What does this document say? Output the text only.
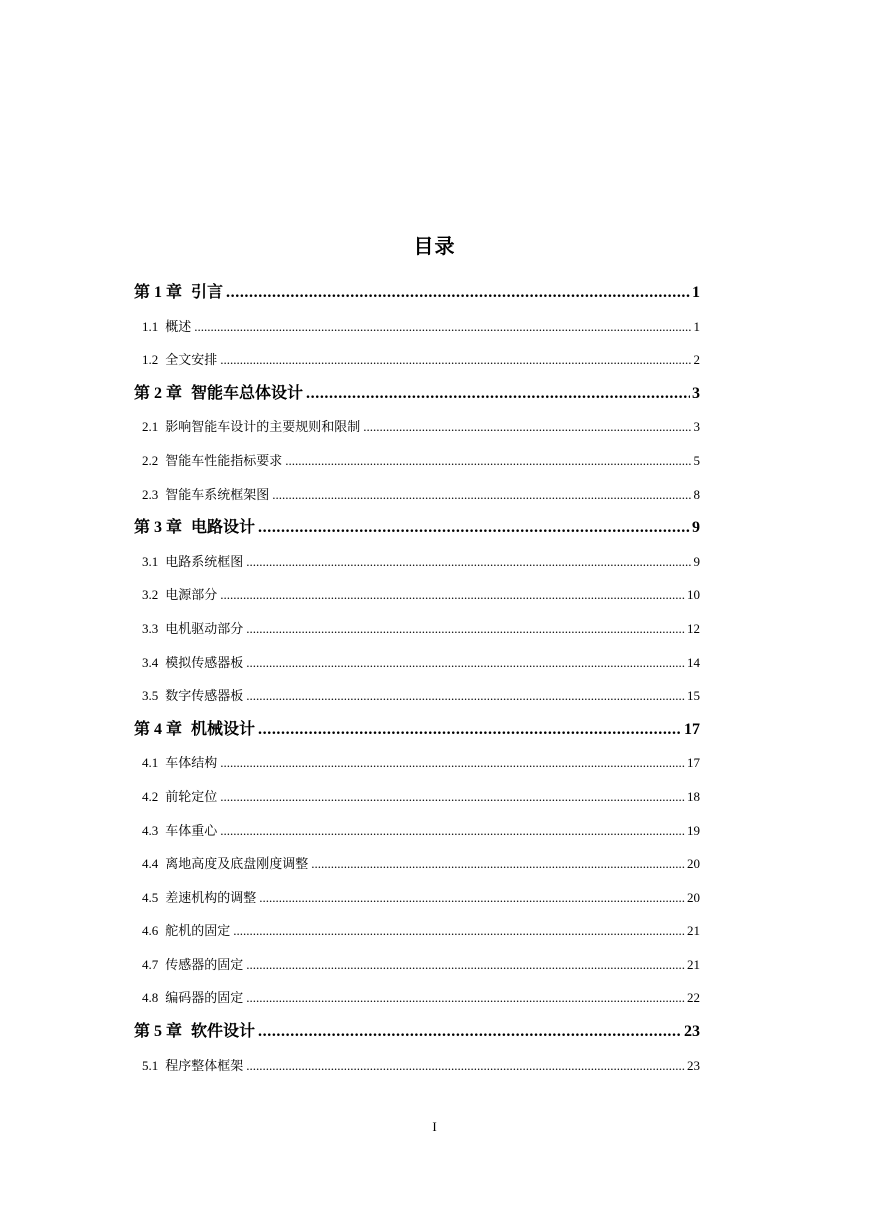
目录
第 1 章 引言 .....	1
1.1 概述 .....	1
1.2 全文安排 .....	2
第 2 章 智能车总体设计 .....	3
2.1 影响智能车设计的主要规则和限制 .....	3
2.2 智能车性能指标要求 .....	5
2.3 智能车系统框架图 .....	8
第 3 章 电路设计 .....	9
3.1 电路系统框图 .....	9
3.2 电源部分 .....	10
3.3 电机驱动部分 .....	12
3.4 模拟传感器板 .....	14
3.5 数字传感器板 .....	15
第 4 章 机械设计 .....	17
4.1 车体结构 .....	17
4.2 前轮定位 .....	18
4.3 车体重心 .....	19
4.4 离地高度及底盘刚度调整 .....	20
4.5 差速机构的调整 .....	20
4.6 舵机的固定 .....	21
4.7 传感器的固定 .....	21
4.8 编码器的固定 .....	22
第 5 章 软件设计 .....	23
5.1 程序整体框架 .....	23
I
